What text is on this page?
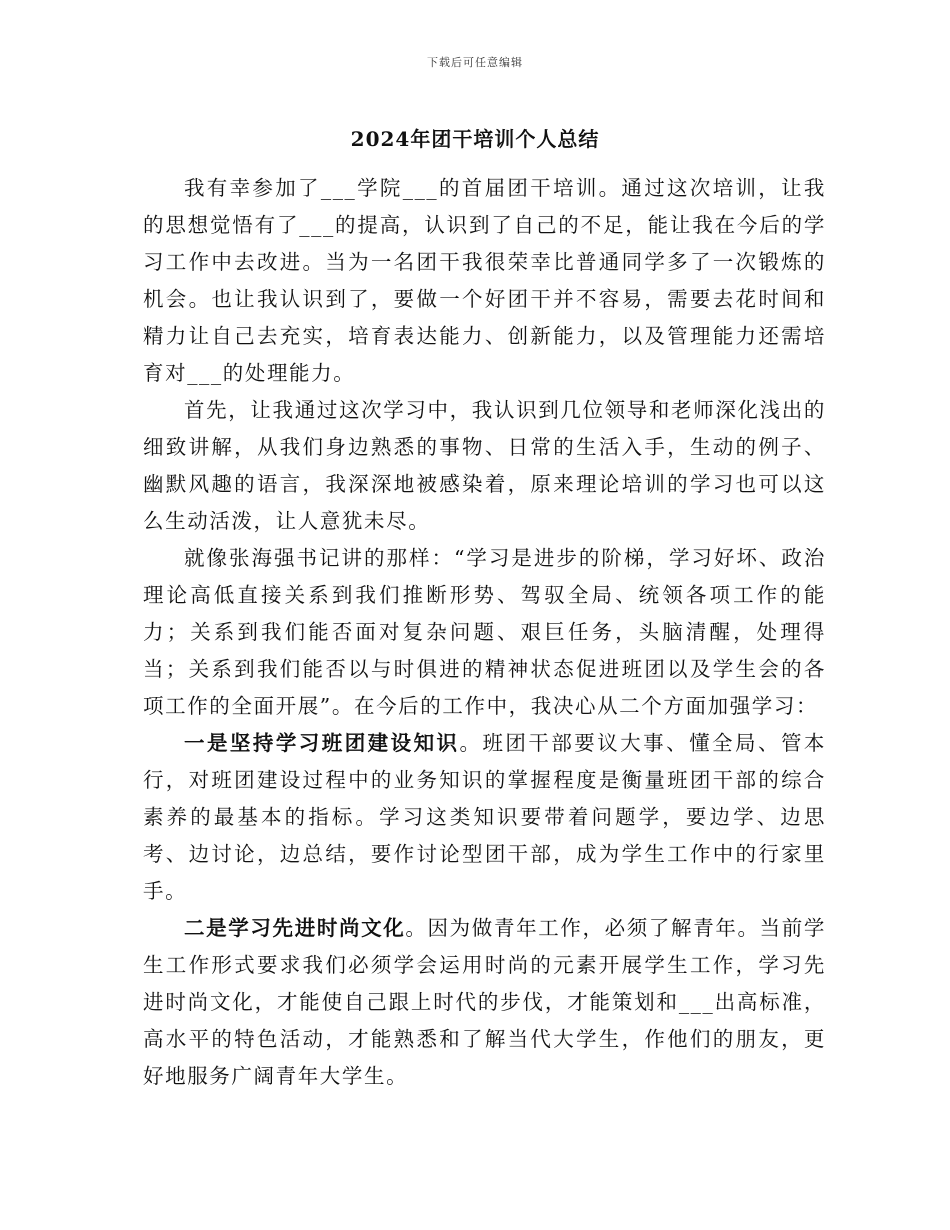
下载后可任意编辑
2024年团干培训个人总结

我有幸参加了___学院___的首届团干培训。通过这次培训，让我的思想觉悟有了___的提高，认识到了自己的不足，能让我在今后的学习工作中去改进。当为一名团干我很荣幸比普通同学多了一次锻炼的机会。也让我认识到了，要做一个好团干并不容易，需要去花时间和精力让自己去充实，培育表达能力、创新能力，以及管理能力还需培育对___的处理能力。

首先，让我通过这次学习中，我认识到几位领导和老师深化浅出的细致讲解，从我们身边熟悉的事物、日常的生活入手，生动的例子、幽默风趣的语言，我深深地被感染着，原来理论培训的学习也可以这么生动活泼，让人意犹未尽。

就像张海强书记讲的那样：“学习是进步的阶梯，学习好坏、政治理论高低直接关系到我们推断形势、驾驭全局、统领各项工作的能力；关系到我们能否面对复杂问题、艰巨任务，头脑清醒，处理得当；关系到我们能否以与时俱进的精神状态促进班团以及学生会的各项工作的全面开展”。在今后的工作中，我决心从二个方面加强学习：

一是坚持学习班团建设知识。班团干部要议大事、懂全局、管本行，对班团建设过程中的业务知识的掌握程度是衡量班团干部的综合素养的最基本的指标。学习这类知识要带着问题学，要边学、边思考、边讨论，边总结，要作讨论型团干部，成为学生工作中的行家里手。

二是学习先进时尚文化。因为做青年工作，必须了解青年。当前学生工作形式要求我们必须学会运用时尚的元素开展学生工作，学习先进时尚文化，才能使自己跟上时代的步伐，才能策划和___出高标准，高水平的特色活动，才能熟悉和了解当代大学生，作他们的朋友，更好地服务广阔青年大学生。
